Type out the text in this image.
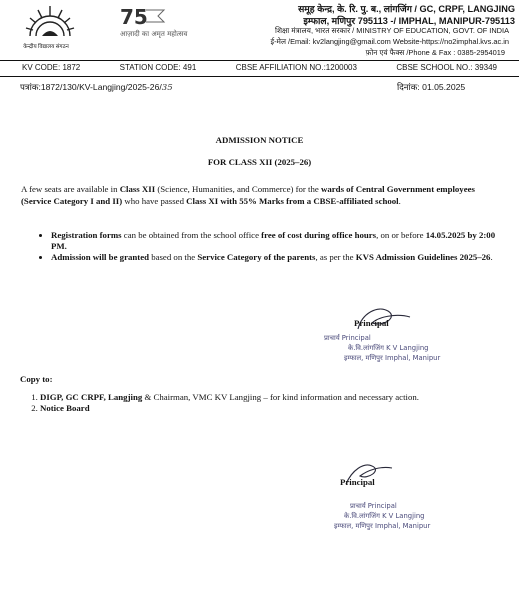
केन्द्रीय विद्यालय संगठन
75
आज़ादी का अमृत महोत्सव
समूह केन्द्र, के. रि. पु. ब., लांगजिंग / GC, CRPF, LANGJING
इम्फाल, मणिपुर 795113 -/ IMPHAL, MANIPUR-795113
शिक्षा मंत्रालय, भारत सरकार / MINISTRY OF EDUCATION, GOVT. OF INDIA
ई-मेल /Email: kv2langjing@gmail.com Website-https://no2imphal.kvs.ac.in
फ़ोन एवं फैक्स /Phone & Fax : 0385-2954019
KV CODE: 1872	STATION CODE: 491	CBSE AFFILIATION NO.:1200003	CBSE SCHOOL NO.: 39349
पत्रांक:1872/130/KV-Langjing/2025-26/35	दिनांक: 01.05.2025
ADMISSION NOTICE
FOR CLASS XII (2025–26)
A few seats are available in Class XII (Science, Humanities, and Commerce) for the wards of Central Government employees (Service Category I and II) who have passed Class XI with 55% Marks from a CBSE-affiliated school.
• Registration forms can be obtained from the school office free of cost during office hours, on or before 14.05.2025 by 2:00 PM.
• Admission will be granted based on the Service Category of the parents, as per the KVS Admission Guidelines 2025–26.
Principal
प्राचार्य Principal
के.वि.लांगजिंग K V Langjing
इम्फाल, मणिपुर Imphal, Manipur
Copy to:
1. DIGP, GC CRPF, Langjing & Chairman, VMC KV Langjing – for kind information and necessary action.
2. Notice Board
Principal
प्राचार्य Principal
के.वि.लांगजिंग K V Langjing
इम्फाल, मणिपुर Imphal, Manipur
